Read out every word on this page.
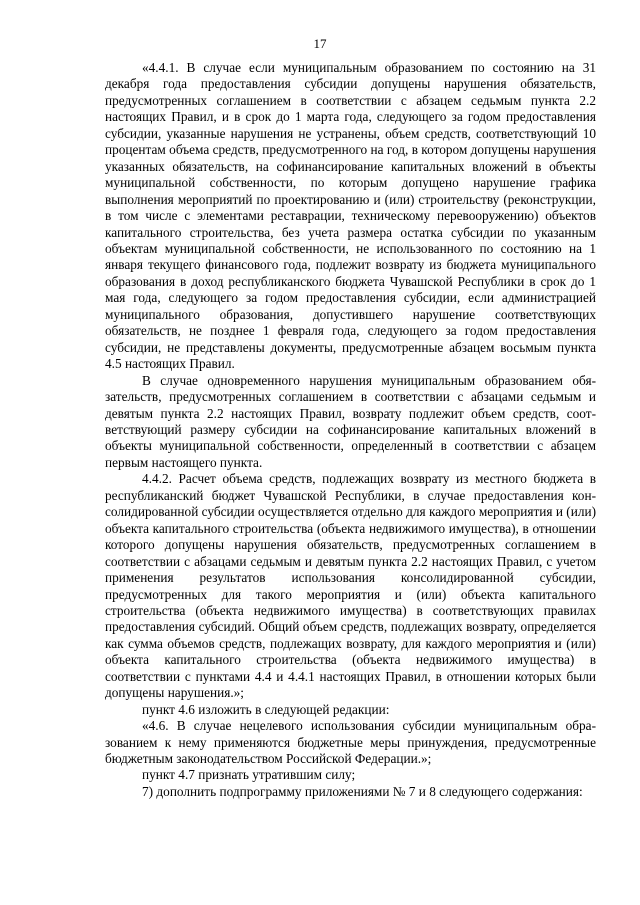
17

«4.4.1. В случае если муниципальным образованием по состоянию на 31 декабря года предоставления субсидии допущены нарушения обязательств, предусмотренных соглашением в соответствии с абзацем седьмым пункта 2.2 настоящих Правил, и в срок до 1 марта года, следующего за годом предоставления субсидии, указанные нарушения не устранены, объем средств, соответствующий 10 процентам объема средств, предусмотренного на год, в котором допущены нарушения указанных обязательств, на софинансирование капитальных вложений в объекты муниципальной собственности, по которым допущено нарушение графика выполнения мероприятий по проектированию и (или) строительству (реконструкции, в том числе с элементами реставрации, техническому перевооружению) объектов капитального строительства, без учета размера остатка субсидии по указанным объектам муниципальной собственности, не использованного по состоянию на 1 января текущего финансового года, подлежит возврату из бюджета муниципального образования в доход республиканского бюджета Чувашской Республики в срок до 1 мая года, следующего за годом предоставления субсидии, если администрацией муниципального образования, допустившего нарушение соответствующих обязательств, не позднее 1 февраля года, следующего за годом предоставления субсидии, не представлены документы, предусмотренные абзацем восьмым пункта 4.5 настоящих Правил.

В случае одновременного нарушения муниципальным образованием обязательств, предусмотренных соглашением в соответствии с абзацами седьмым и девятым пункта 2.2 настоящих Правил, возврату подлежит объем средств, соответствующий размеру субсидии на софинансирование капитальных вложений в объекты муниципальной собственности, определенный в соответствии с абзацем первым настоящего пункта.

4.4.2. Расчет объема средств, подлежащих возврату из местного бюджета в республиканский бюджет Чувашской Республики, в случае предоставления консолидированной субсидии осуществляется отдельно для каждого мероприятия и (или) объекта капитального строительства (объекта недвижимого имущества), в отношении которого допущены нарушения обязательств, предусмотренных соглашением в соответствии с абзацами седьмым и девятым пункта 2.2 настоящих Правил, с учетом применения результатов использования консолидированной субсидии, предусмотренных для такого мероприятия и (или) объекта капитального строительства (объекта недвижимого имущества) в соответствующих правилах предоставления субсидий. Общий объем средств, подлежащих возврату, определяется как сумма объемов средств, подлежащих возврату, для каждого мероприятия и (или) объекта капитального строительства (объекта недвижимого имущества) в соответствии с пунктами 4.4 и 4.4.1 настоящих Правил, в отношении которых были допущены нарушения.»;

пункт 4.6 изложить в следующей редакции:

«4.6. В случае нецелевого использования субсидии муниципальным образованием к нему применяются бюджетные меры принуждения, предусмотренные бюджетным законодательством Российской Федерации.»;

пункт 4.7 признать утратившим силу;

7) дополнить подпрограмму приложениями № 7 и 8 следующего содержания:
